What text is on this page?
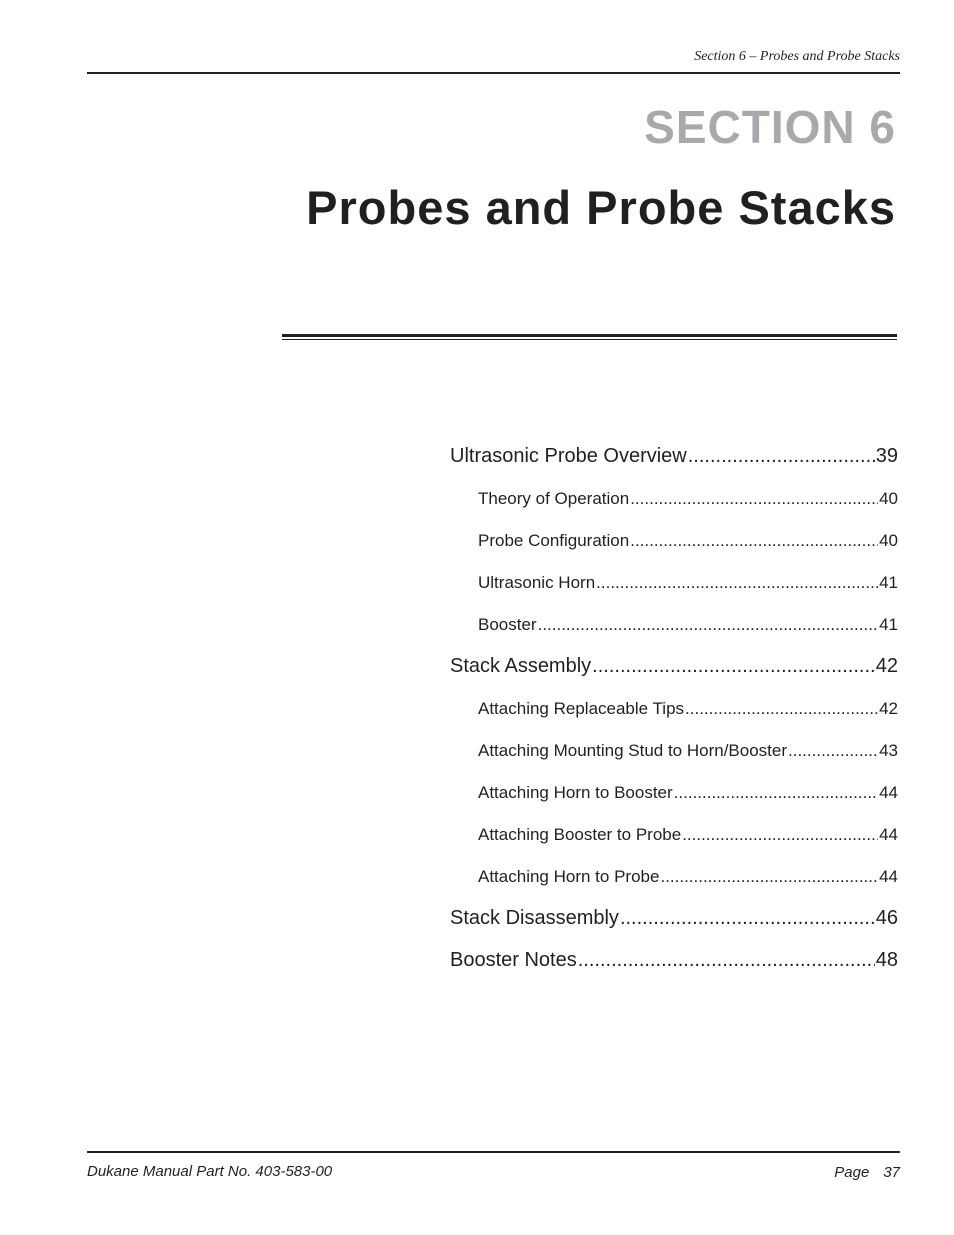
Section 6 – Probes and Probe Stacks
SECTION 6
Probes and Probe Stacks
Ultrasonic Probe Overview .....	39
Theory of Operation .....	40
Probe Configuration .....	40
Ultrasonic Horn .....	41
Booster .....	41
Stack Assembly .....	42
Attaching Replaceable Tips .....	42
Attaching Mounting Stud to Horn/Booster .....	43
Attaching Horn to Booster .....	44
Attaching Booster to Probe .....	44
Attaching Horn to Probe .....	44
Stack Disassembly .....	46
Booster Notes .....	48
Dukane Manual Part No. 403-583-00	Page 37
